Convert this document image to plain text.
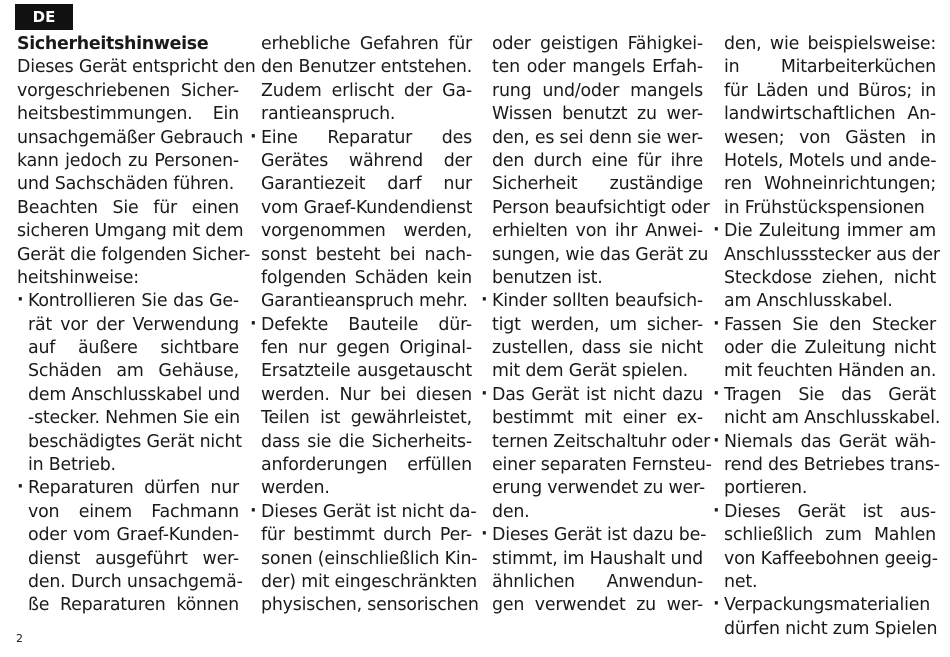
DE
Sicherheitshinweise
Dieses Gerät entspricht den
vorgeschriebenen Sicher-
heitsbestimmungen. Ein
unsachgemäßer Gebrauch
kann jedoch zu Personen-
und Sachschäden führen.
Beachten Sie für einen
sicheren Umgang mit dem
Gerät die folgenden Sicher-
heitshinweise:
· Kontrollieren Sie das Ge-
rät vor der Verwendung
auf äußere sichtbare
Schäden am Gehäuse,
dem Anschlusskabel und
-stecker. Nehmen Sie ein
beschädigtes Gerät nicht
in Betrieb.
· Reparaturen dürfen nur
von einem Fachmann
oder vom Graef-Kunden-
dienst ausgeführt wer-
den. Durch unsachgemä-
ße Reparaturen können
erhebliche Gefahren für
den Benutzer entstehen.
Zudem erlischt der Ga-
rantieanspruch.
· Eine Reparatur des
Gerätes während der
Garantiezeit darf nur
vom Graef-Kundendienst
vorgenommen werden,
sonst besteht bei nach-
folgenden Schäden kein
Garantieanspruch mehr.
· Defekte Bauteile dür-
fen nur gegen Original-
Ersatzteile ausgetauscht
werden. Nur bei diesen
Teilen ist gewährleistet,
dass sie die Sicherheits-
anforderungen erfüllen
werden.
· Dieses Gerät ist nicht da-
für bestimmt durch Per-
sonen (einschließlich Kin-
der) mit eingeschränkten
physischen, sensorischen
oder geistigen Fähigkei-
ten oder mangels Erfah-
rung und/oder mangels
Wissen benutzt zu wer-
den, es sei denn sie wer-
den durch eine für ihre
Sicherheit zuständige
Person beaufsichtigt oder
erhielten von ihr Anwei-
sungen, wie das Gerät zu
benutzen ist.
· Kinder sollten beaufsich-
tigt werden, um sicher-
zustellen, dass sie nicht
mit dem Gerät spielen.
· Das Gerät ist nicht dazu
bestimmt mit einer ex-
ternen Zeitschaltuhr oder
einer separaten Fernsteu-
erung verwendet zu wer-
den.
· Dieses Gerät ist dazu be-
stimmt, im Haushalt und
ähnlichen Anwendun-
gen verwendet zu wer-
den, wie beispielsweise:
in Mitarbeiterküchen
für Läden und Büros; in
landwirtschaftlichen An-
wesen; von Gästen in
Hotels, Motels und ande-
ren Wohneinrichtungen;
in Frühstückspensionen
· Die Zuleitung immer am
Anschlussstecker aus der
Steckdose ziehen, nicht
am Anschlusskabel.
· Fassen Sie den Stecker
oder die Zuleitung nicht
mit feuchten Händen an.
· Tragen Sie das Gerät
nicht am Anschlusskabel.
· Niemals das Gerät wäh-
rend des Betriebes trans-
portieren.
· Dieses Gerät ist aus-
schließlich zum Mahlen
von Kaffeebohnen geeig-
net.
· Verpackungsmaterialien
dürfen nicht zum Spielen
2
